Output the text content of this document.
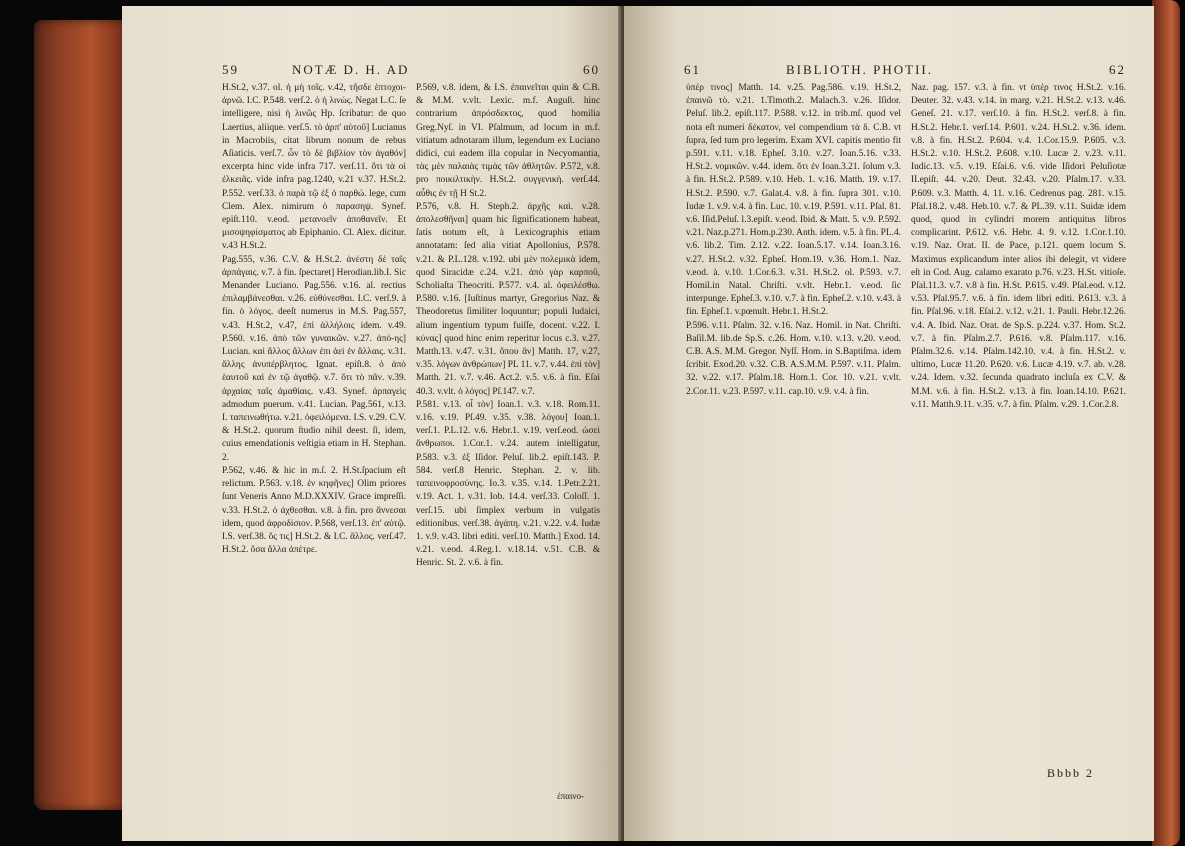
59	NOTÆ D. H. AD	60

H.St.2, v.37. ol. ἠ μὴ τοῖς. v.42, τῆσδε ἑπτοχοι-ἀρνῶ. I.C. P.548. verſ.2. ὁ ἡ λινώς. Negat L.C. ſe intelligere, nisi ἡ λινῶς Hp. ſcribatur: de quo Laertius, aliique. verſ.5. τὸ ἀρπ' αὐτοῦ] Lucianus in Macrobiis, citat librum nonum de rebus Aſiaticis. verſ.7. ὦν τὸ δὲ βιβλίον τὸν ἀγαθόν] excerpta hinc vide infra 717. verſ.11. ὅτι τὰ οἱ ἐλκειᾶς. vide infra pag.1240, v.21 v.37. H.St.2. P.552. verſ.33. ὁ παρὰ τῷ ἑξ ὁ παρθώ. lege, cum Clem. Alex. nimirum ὁ παρασηψ. Synef. epiſt.110. v.eod. μετανοεῖν ἀποθανεῖν. Et μισοψηφίσματος ab Epiphanio. Cl. Alex. dicitur. v.43 H.St.2.

Pag.555, v.36. C.V. & H.St.2. ἀνέστη δὲ ταῖς ἀρπάγαις. v.7. à fin. ſpectaret] Herodian.lib.I. Sic Menander Luciano. Pag.556. v.16. al. rectius ἐπιλαμβάνεσθαι. v.26. εὐθύνεσθαι. I.C. verſ.9. à fin. ὁ λόγος. deeſt numerus in M.S. Pag.557, v.43. H.St.2, v.47, ἐπὶ ἀλλήλοις idem. v.49. P.560. v.16. ἀπὸ τῶν γυναικῶν. v.27. ἀπό-ης] Lucian. καὶ ἄλλος ἄλλων ἐπι ἀεὶ ἐν ἄλλαις. v.31. ἄλλης ἀνυπέρβλητος. Ignat. epiſt.8. ὁ ἀπὸ ἑαυτοῦ καὶ ἐν τῷ ἀγαθῷ. v.7. ὅτι τὸ πᾶν. v.39. ἀρχαίας ταῖς ἀμαθίαις. v.43. Synef. ἀρπαγεὶς admodum puerum. v.41. Lucian. Pag.561, v.13. I. ταπεινωθήτω. v.21. ὀφειλόμενα. I.S. v.29. C.V. & H.St.2. quorum ſtudio nihil deest. ſi, idem, cuius emendationis veſtigia etiam in H. Stephan. 2.

P.562, v.46. & hic in m.ſ. 2. H.St.ſpacium eſt relictum. P.563. v.18. ἐν κηφῆνες] Olim priores ſunt Veneris Anno M.D.XXXIV. Grace impreſſi. v.33. H.St.2. ὁ ἀχθεσθαι. v.8. à fin. pro ἄννεσαι idem, quod ἀφροδίσιον. P.568, verſ.13. ἐπ' αὐτῷ. I.S. verſ.38. ὅς τις] H.St.2. & I.C. ἄλλος. verſ.47. H.St.2. ὅσα ἄλλα ἀπέτρε.

P.569, v.8. idem, & I.S. ἐπαινεῖται quin & C.B. & M.M. v.vlt. Lexic. m.f. Auguſt. hinc contrarium ἀπρόσδεκτος, quod homilia Greg.Nyſ. in VI. Pſalmum, ad locum in m.f. vitiatum adnotaram illum, legendum ex Luciano didici, cui eadem illa copular in Necyomantia, τὰς μὲν παλαιὰς τιμὰς τῶν ἀθλητῶν. P.572, v.8. pro ποικιλτικὴν. H.St.2. συγγενικὴ. verſ.44. αὖθις ἐν τῇ H St.2.

P.576, v.8. H. Steph.2. ἀρχῆς καὶ. v.28. ἀπολεσθῆναι] quam hic ſignificationem habeat, ſatis notum eſt, à Lexicographis etiam annotatam: ſed alia vitiat Apollonius, P.578. v.21. & P.L.128. v.192. ubi μὲν πολεμικὰ idem, quod Siracidæ c.24. v.21. ἀπὸ γὰρ καρποῦ, Scholiaſta Theocriti. P.577. v.4. al. ὀφειλέσθω. P.580. v.16. [Iuſtinus martyr, Gregorius Naz. & Theodoretus ſimiliter loquuntur; populi Iudaici, alium ingentium typum fuiſſe, docent. v.22. I. κύνας] quod hinc enim reperitur locus c.3. v.27. Matth.13. v.47. v.31. ὅπου ἂν] Matth. 17, v.27, v.35. λόγων ἀνθρώπων] PL 11. v.7. v.44. ἐπὶ τὸν] Matth. 21. v.7. v.46. Act.2. v.5. v.6. à fin. Eſaì 40.3. v.vlt. ὁ λόγος] Pſ.147. v.7.

P.581. v.13. οἷ τὸν] Ioan.1. v.3. v.18. Rom.11. v.16. v.19. Pſ.49. v.35. v.38. λόγου] Ioan.1. verſ.1. P.L.12. v.6. Hebr.1. v.19. verſ.eod. ὡσεὶ ἄνθρωποι. 1.Cor.1. v.24. autem intelligatur, P.583. v.3. ἐξ Iſidor. Peluſ. lib.2. epiſt.143. P. 584. verſ.8 Henric. Stephan. 2. v. lib. ταπεινοφροσύνης. Io.3. v.35. v.14. 1.Petr.2.21. v.19. Act. 1. v.31. Iob. 14.4. verſ.33. Coloſſ. 1. verſ.15. ubi ſimplex verbum in vulgatis editionibus. verſ.38. ἀγάπη. v.21. v.22. v.4. Iudæ 1. v.9. v.43. libri editi. verſ.10. Matth.] Exod. 14. v.21. v.eod. 4.Reg.1. v.18.14. v.51. C.B. & Henric. St. 2. v.6. à fin.

ἐπαινο-
61	BIBLIOTH. PHOTII.	62

ὑπέρ τινος] Matth. 14. v.25. Pag.586. v.19. H.St.2, ἐπαινῶ τὸ. v.21. 1.Timoth.2. Malach.3. v.26. Iſidor. Peluſ. lib.2. epiſt.117. P.588. v.12. in trib.mſ. quod vel nota eſt numeri δέκατον, vel compendium τὰ δ. C.B. vt ſupra, ſed tum pro legerim. Exam XVI. capitis mentio fit p.591. v.11. v.18. Epheſ. 3.10. v.27. Ioan.5.16. v.33. H.St.2. νομικῶν. v.44. idem. ὅτι ἐν Ioan.3.21. ſolum v.3. à fin. H.St.2. P.589. v.10. Heb. 1. v.16. Matth. 19. v.17. H.St.2. P.590. v.7. Galat.4. v.8. à fin. ſupra 301. v.10. Iudæ 1. v.9. v.4. à fin. Luc. 10. v.19. P.591. v.11. Pſal. 81. v.6. Iſid.Peluſ. l.3.epiſt. v.eod. Ibid. & Matt. 5. v.9. P.592. v.21. Naz.p.271. Hom.p.230. Anth. idem. v.5. à fin. PL.4. v.6. lib.2. Tim. 2.12. v.22. Ioan.5.17. v.14. Ioan.3.16. v.27. H.St.2. v.32. Epheſ. Hom.19. v.36. Hom.1. Naz. v.eod. à. v.10. 1.Cor.6.3. v.31. H.St.2. ol. P.593. v.7. Homil.in Natal. Chriſti. v.vlt. Hebr.1. v.eod. ſic interpunge. Epheſ.3. v.10. v.7. à fin. Epheſ.2. v.10. v.43. à fin. Epheſ.1. v.pœnult. Hebr.1. H.St.2.

P.596. v.11. Pſalm. 32. v.16. Naz. Homil. in Nat. Chriſti. Baſil.M. lib.de Sp.S. c.26. Hom. v.10. v.13. v.20. v.eod. C.B. A.S. M.M. Gregor. Nyſſ. Hom. in S.Baptiſma. idem ſcribit. Exod.20. v.32. C.B. A.S.M.M. P.597. v.11. Pſalm. 32. v.22. v.17. Pſalm.18. Hom.1. Cor. 10. v.21. v.vlt. 2.Cor.11. v.23. P.597. v.11. cap.10. v.9. v.4. à fin.

Naz. pag. 157. v.3. à fin. vt ὑπέρ τινος H.St.2. v.16. Deuter. 32. v.43. v.14. in marg. v.21. H.St.2. v.13. v.46. Geneſ. 21. v.17. verſ.10. à fin. H.St.2. verſ.8. à fin. H.St.2. Hebr.1. verſ.14. P.601. v.24. H.St.2. v.36. idem. v.8. à fin. H.St.2. P.604. v.4. 1.Cor.15.9. P.605. v.3. H.St.2. v.10. H.St.2. P.608. v.10. Lucæ 2. v.23. v.11. Iudic.13. v.5. v.19. Eſai.6. v.6. vide Iſidori Peluſiotæ II.epiſt. 44. v.20. Deut. 32.43. v.20. Pſalm.17. v.33. P.609. v.3. Matth. 4. 11. v.16. Cedrenus pag. 281. v.15. Pſal.18.2. v.48. Heb.10. v.7. & PL.39. v.11. Suidæ idem quod, quod in cylindri morem antiquitus libros complicarint. P.612. v.6. Hebr. 4. 9. v.12. 1.Cor.1.10. v.19. Naz. Orat. II. de Pace, p.121. quem locum S. Maximus explicandum inter alios ibi delegit, vt videre eſt in Cod. Aug. calamo exarato p.76. v.23. H.St. vitioſe. Pſal.11.3. v.7. v.8 à fin. H.St. P.615. v.49. Pſal.eod. v.12. v.53. Pſal.95.7. v.6. à fin. idem libri editi. P.613. v.3. à fin. Pſal.96. v.18. Eſai.2. v.12. v.21. 1. Pauli. Hebr.12.26. v.4. A. Ibid. Naz. Orat. de Sp.S. p.224. v.37. Hom. St.2. v.7. à fin. Pſalm.2.7. P.616. v.8. Pſalm.117. v.16. Pſalm.32.6. v.14. Pſalm.142.10. v.4. à fin. H.St.2. v. ultimo, Lucæ 11.20. P.620. v.6. Lucæ 4.19. v.7. ab. v.28. v.24. Idem. v.32. ſecunda quadrato incluſa ex C.V. & M.M. v.6. à fin. H.St.2. v.13. à fin. Ioan.14.10. P.621. v.11. Matth.9.11. v.35. v.7. à fin. Pſalm. v.29. 1.Cor.2.8.

Bbbb 2
